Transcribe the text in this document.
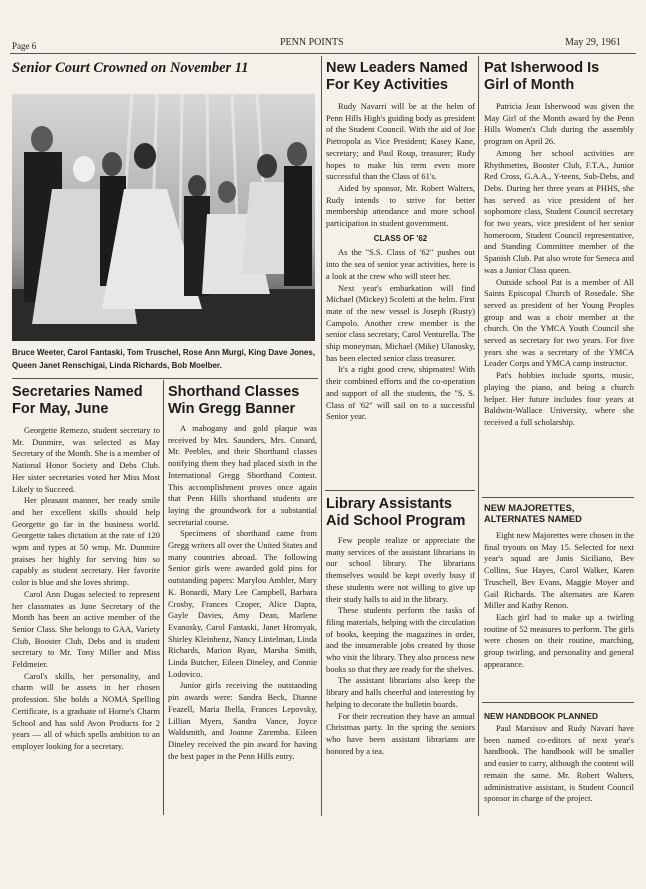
Page 6	PENN POINTS	May 29, 1961
Senior Court Crowned on November 11
Bruce Weeter, Carol Fantaski, Tom Truschel, Rose Ann Murgi, King Dave Jones, Queen Janet Renschigai, Linda Richards, Bob Moelber.
New Leaders Named
For Key Activities

Rudy Navarri will be at the helm of Penn Hills High's guiding body as president of the Student Council. With the aid of Joe Pietropola as Vice President; Kasey Kane, secretary; and Paul Roup, treasurer; Rudy hopes to make his term even more successful than the Class of 61's.

Aided by sponsor, Mr. Robert Walters, Rudy intends to strive for better membership attendance and more school participation in student government.

CLASS OF '62

As the "S.S. Class of '62" pushes out into the sea of senior year activities, here is a look at the crew who will steer her.

Next year's embarkation will find Michael (Mickey) Scoletti at the helm. First mate of the new vessel is Joseph (Rusty) Campolo. Another crew member is the senior class secretary, Carol Venturella. The ship moneyman, Michael (Mike) Ulanosky, has been elected senior class treasurer.

It's a right good crew, shipmates! With their combined efforts and the co-operation and support of all the students, the "S. S. Class of '62" will sail on to a successful Senior year.

Pat Isherwood Is
Girl of Month

Patricia Jean Isherwood was given the May Girl of the Month award by the Penn Hills Women's Club during the assembly program on April 26.

Among her school activities are Rhythmettes, Booster Club, F.T.A., Junior Red Cross, G.A.A., Y-teens, Sub-Debs, and Debs. During her three years at PHHS, she has served as vice president of her sophomore class, Student Council secretary for two years, vice president of her senior homeroom, Student Council representative, and Standing Committee member of the Spanish Club. Pat also wrote for Seneca and was a Junior Class queen.

Outside school Pat is a member of All Saints Episcopal Church of Rosedale. She served as president of her Young Peoples group and was a choir member at the church. On the YMCA Youth Council she served as secretary for two years. For five years she was a secretary of the YMCA Leader Corps and YMCA camp instructor.

Pat's hobbies include sports, music, playing the piano, and being a church helper. Her future includes four years at Baldwin-Wallace University, where she received a full scholarship.

Secretaries Named
For May, June

Georgette Remezo, student secretary to Mr. Dunmire, was selected as May Secretary of the Month. She is a member of National Honor Society and Debs Club. Her sister secretaries voted her Miss Most Likely to Succeed.

Her pleasant manner, her ready smile and her excellent skills should help Georgette go far in the business world. Georgette takes dictation at the rate of 120 wpm and types at 50 wmp. Mr. Dunmire praises her highly for serving him so capably as student secretary. Her favorite color is blue and she loves shrimp.

Carol Ann Dugas selected to represent her classmates as June Secretary of the Month has been an active member of the Senior Class. She belongs to GAA, Variety Club, Booster Club, Debs and is student secretary to Mr. Tony Miller and Miss Feldmeier.

Carol's skills, her personality, and charm will be assets in her chosen profession. She holds a NOMA Spelling Certificate, is a graduate of Horne's Charm School and has sold Avon Products for 2 years — all of which spells ambition to an employer looking for a secretary.

Shorthand Classes
Win Gregg Banner

A mahogany and gold plaque was received by Mrs. Saunders, Mrs. Cunard, Mr. Peebles, and their Shorthand classes notifying them they had placed sixth in the International Gregg Shorthand Contest. This accomplishment proves once again that Penn Hills shorthand students are laying the groundwork for a substantial secretarial course.

Specimens of shorthand came from Gregg writers all over the United States and many countries abroad. The following Senior girls were awarded gold pins for outstanding papers: Marylou Ambler, Mary K. Bonardi, Mary Lee Campbell, Barbara Crosby, Frances Czoper, Alice Dapra, Gayle Davies, Amy Dean, Marlene Evanosky, Carol Fantaski, Janet Hromyak, Shirley Kleinhenz, Nancy Lintelman, Linda Richards, Marion Ryan, Marsha Smith, Linda Butcher, Eileen Dineley, and Connie Lodovico.

Junior girls receiving the outstanding pin awards were: Sandra Beck, Dianne Feazell, Maria Ibella, Frances Lepovsky, Lillian Myers, Sandra Vance, Joyce Waldsmith, and Joanne Zaremba. Eileen Dineley received the pin award for having the best paper in the Penn Hills entry.

Library Assistants
Aid School Program

Few people realize or appreciate the many services of the assistant librarians in our school library. The librarians themselves would be kept overly busy if these students were not willing to give up their study halls to aid in the library.

These students perform the tasks of filing materials, helping with the circulation of books, keeping the magazines in order, and the innumerable jobs created by those who visit the library. They also process new books so that they are ready for the shelves.

The assistant librarians also keep the library and halls cheerful and interesting by helping to decorate the bulletin boards.

For their recreation they have an annual Christmas party. In the spring the seniors who have been assistant librarians are honored by a tea.

NEW MAJORETTES,
ALTERNATES NAMED

Eight new Majorettes were chosen in the final tryouts on May 15. Selected for next year's squad are Janis Siciliano, Bev Collins, Sue Hayes, Carol Walker, Karen Truschell, Bev Evans, Maggie Moyer and Gail Richards. The alternates are Karen Miller and Kathy Renon.

Each girl had to make up a twirling routine of 52 measures to perform. The girls were chosen on their routine, marching, group twirling, and personality and general appearance.

NEW HANDBOOK PLANNED

Paul Marsisov and Rudy Navari have been named co-editors of next year's handbook. The handbook will be smaller and easier to carry, although the content will remain the same. Mr. Robert Walters, administrative assistant, is Student Council sponsor in charge of the project.
